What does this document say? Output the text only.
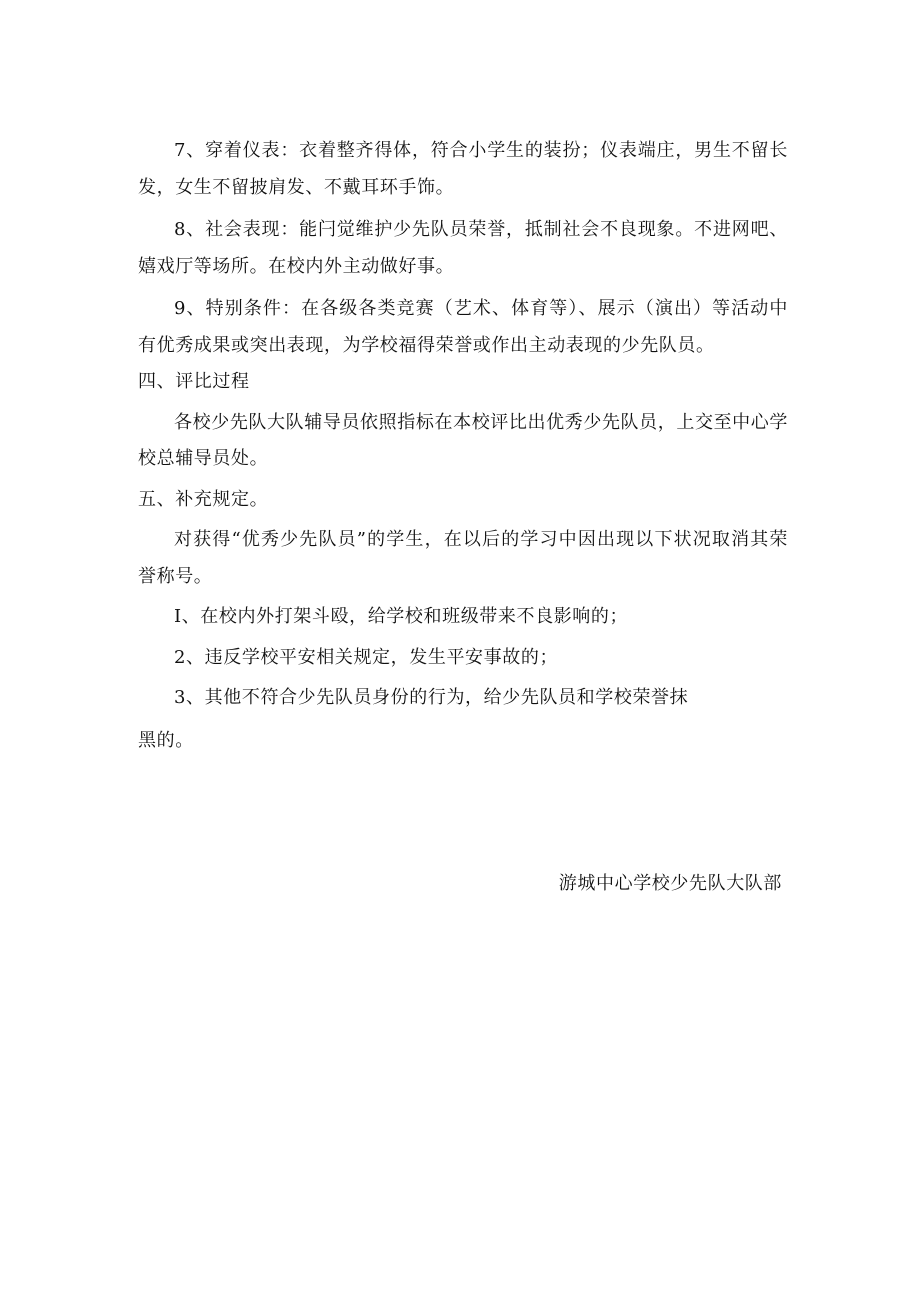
7、穿着仪表：衣着整齐得体，符合小学生的装扮；仪表端庄，男生不留长发，女生不留披肩发、不戴耳环手饰。

8、社会表现：能闩觉维护少先队员荣誉，抵制社会不良现象。不进网吧、嬉戏厅等场所。在校内外主动做好事。

9、特别条件：在各级各类竞赛（艺术、体育等）、展示（演出）等活动中有优秀成果或突出表现，为学校福得荣誉或作出主动表现的少先队员。

四、评比过程

各校少先队大队辅导员依照指标在本校评比出优秀少先队员，上交至中心学校总辅导员处。

五、补充规定。

对获得“优秀少先队员”的学生，在以后的学习中因出现以下状况取消其荣誉称号。

I、在校内外打架斗殴，给学校和班级带来不良影响的；

2、违反学校平安相关规定，发生平安事故的；

3、其他不符合少先队员身份的行为，给少先队员和学校荣誉抹

黑的。

游城中心学校少先队大队部
